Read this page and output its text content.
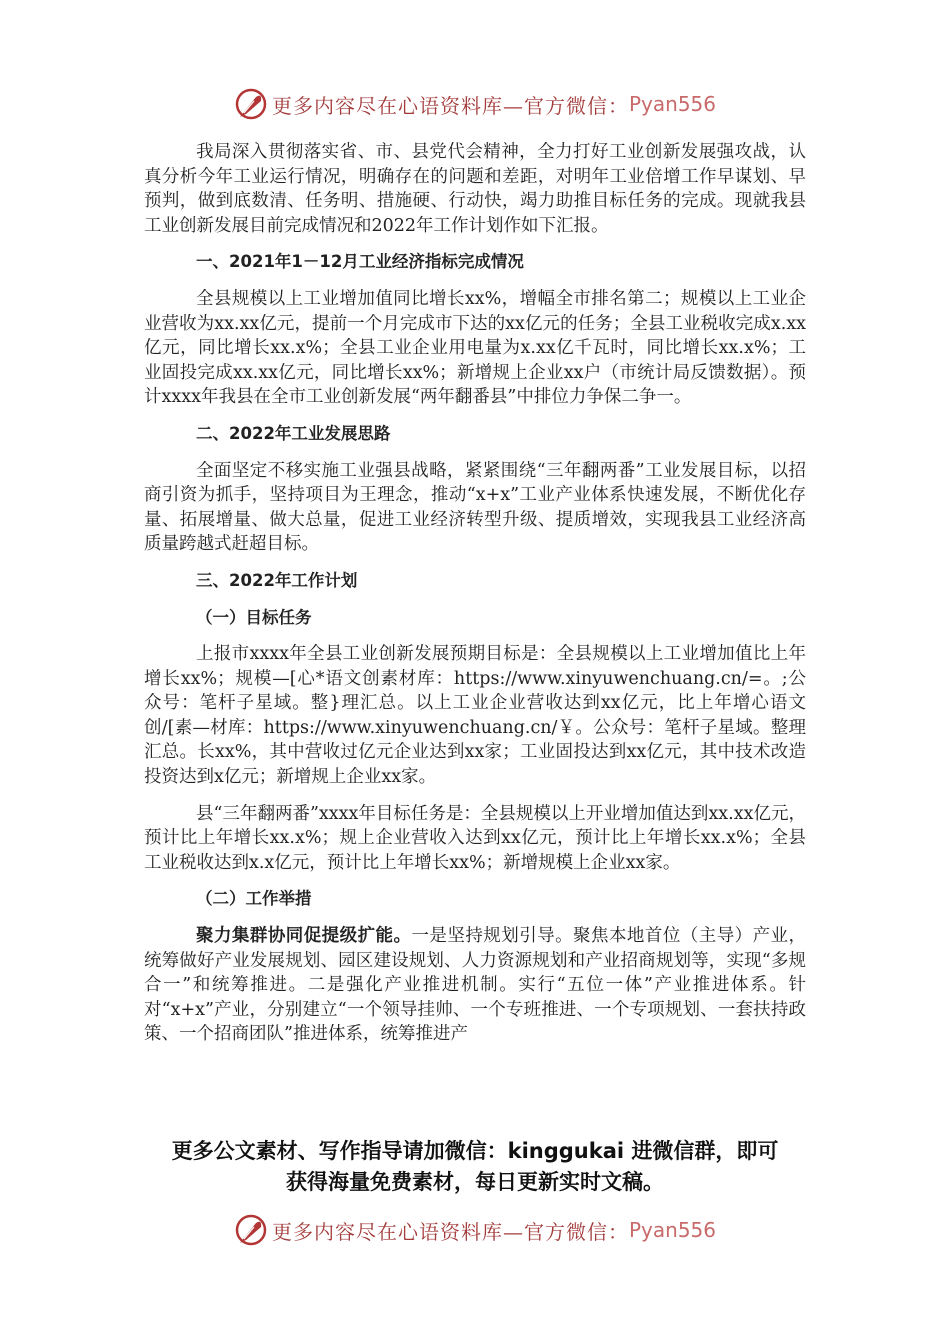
更多内容尽在心语资料库—官方微信： Pyan556

我局深入贯彻落实省、市、县党代会精神，全力打好工业创新发展强攻战，认真分析今年工业运行情况，明确存在的问题和差距，对明年工业倍增工作早谋划、早预判，做到底数清、任务明、措施硬、行动快，竭力助推目标任务的完成。现就我县工业创新发展目前完成情况和2022年工作计划作如下汇报。

一、2021年1－12月工业经济指标完成情况

全县规模以上工业增加值同比增长xx%，增幅全市排名第二；规模以上工业企业营收为xx.xx亿元，提前一个月完成市下达的xx亿元的任务；全县工业税收完成x.xx亿元，同比增长xx.x%；全县工业企业用电量为x.xx亿千瓦时，同比增长xx.x%；工业固投完成xx.xx亿元，同比增长xx%；新增规上企业xx户（市统计局反馈数据）。预计xxxx年我县在全市工业创新发展“两年翻番县”中排位力争保二争一。

二、2022年工业发展思路

全面坚定不移实施工业强县战略，紧紧围绕“三年翻两番”工业发展目标，以招商引资为抓手，坚持项目为王理念，推动“x+x”工业产业体系快速发展，不断优化存量、拓展增量、做大总量，促进工业经济转型升级、提质增效，实现我县工业经济高质量跨越式赶超目标。

三、2022年工作计划

（一）目标任务

上报市xxxx年全县工业创新发展预期目标是：全县规模以上工业增加值比上年增长xx%；规模—[心*语文创素材库：https://www.xinyuwenchuang.cn/=。;公众号：笔杆子星域。整}理汇总。以上工业企业营收达到xx亿元，比上年增心语文创/[素—材库：https://www.xinyuwenchuang.cn/￥。公众号：笔杆子星域。整理汇总。长xx%，其中营收过亿元企业达到xx家；工业固投达到xx亿元，其中技术改造投资达到x亿元；新增规上企业xx家。

县“三年翻两番”xxxx年目标任务是：全县规模以上开业增加值达到xx.xx亿元，预计比上年增长xx.x%；规上企业营收入达到xx亿元，预计比上年增长xx.x%；全县工业税收达到x.x亿元，预计比上年增长xx%；新增规模上企业xx家。

（二）工作举措

聚力集群协同促提级扩能。一是坚持规划引导。聚焦本地首位（主导）产业，统筹做好产业发展规划、园区建设规划、人力资源规划和产业招商规划等，实现“多规合一”和统筹推进。二是强化产业推进机制。实行“五位一体”产业推进体系。针对“x+x”产业，分别建立“一个领导挂帅、一个专班推进、一个专项规划、一套扶持政策、一个招商团队”推进体系，统筹推进产

更多公文素材、写作指导请加微信：kinggukai 进微信群，即可
获得海量免费素材，每日更新实时文稿。
更多内容尽在心语资料库—官方微信： Pyan556
